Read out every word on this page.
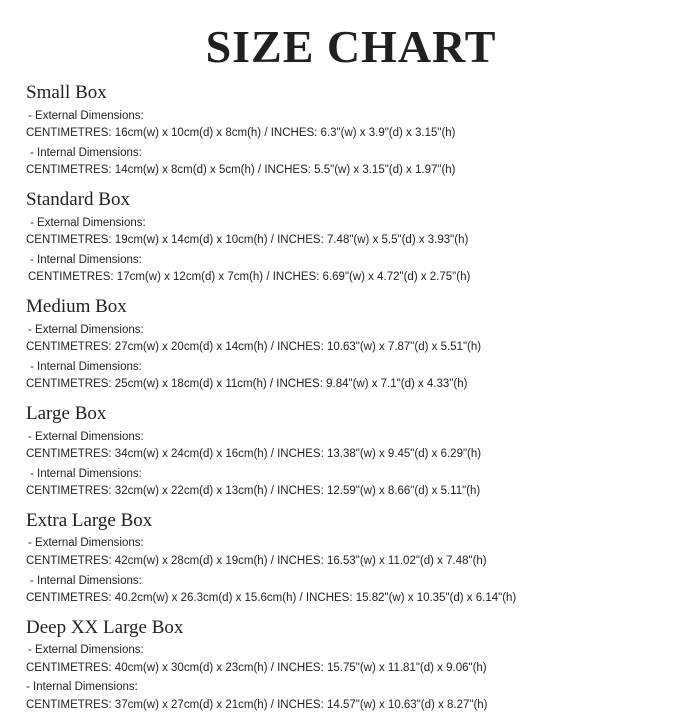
SIZE CHART
Small Box

- External Dimensions:

CENTIMETRES: 16cm(w) x 10cm(d) x 8cm(h) / INCHES: 6.3"(w) x 3.9"(d) x 3.15"(h)

- Internal Dimensions:

CENTIMETRES: 14cm(w) x 8cm(d) x 5cm(h) / INCHES: 5.5"(w) x 3.15"(d) x 1.97"(h)

Standard Box

- External Dimensions:

CENTIMETRES: 19cm(w) x 14cm(d) x 10cm(h) / INCHES: 7.48"(w) x 5.5"(d) x 3.93"(h)

- Internal Dimensions:

CENTIMETRES: 17cm(w) x 12cm(d) x 7cm(h) / INCHES: 6.69"(w) x 4.72"(d) x 2.75"(h)

Medium Box

- External Dimensions:

CENTIMETRES: 27cm(w) x 20cm(d) x 14cm(h) / INCHES: 10.63"(w) x 7.87"(d) x 5.51"(h)

- Internal Dimensions:

CENTIMETRES: 25cm(w) x 18cm(d) x 11cm(h) / INCHES: 9.84"(w) x 7.1"(d) x 4.33"(h)

Large Box

- External Dimensions:

CENTIMETRES: 34cm(w) x 24cm(d) x 16cm(h) / INCHES: 13.38"(w) x 9.45"(d) x 6.29"(h)

- Internal Dimensions:

CENTIMETRES: 32cm(w) x 22cm(d) x 13cm(h) / INCHES: 12.59"(w) x 8.66"(d) x 5.11"(h)

Extra Large Box

- External Dimensions:

CENTIMETRES: 42cm(w) x 28cm(d) x 19cm(h) / INCHES: 16.53"(w) x 11.02"(d) x 7.48"(h)

- Internal Dimensions:

CENTIMETRES: 40.2cm(w) x 26.3cm(d) x 15.6cm(h) / INCHES: 15.82"(w) x 10.35"(d) x 6.14"(h)

Deep XX Large Box

- External Dimensions:

CENTIMETRES: 40cm(w) x 30cm(d) x 23cm(h) / INCHES: 15.75"(w) x 11.81"(d) x 9.06"(h)

- Internal Dimensions:

CENTIMETRES: 37cm(w) x 27cm(d) x 21cm(h) / INCHES: 14.57"(w) x 10.63"(d) x 8.27"(h)
